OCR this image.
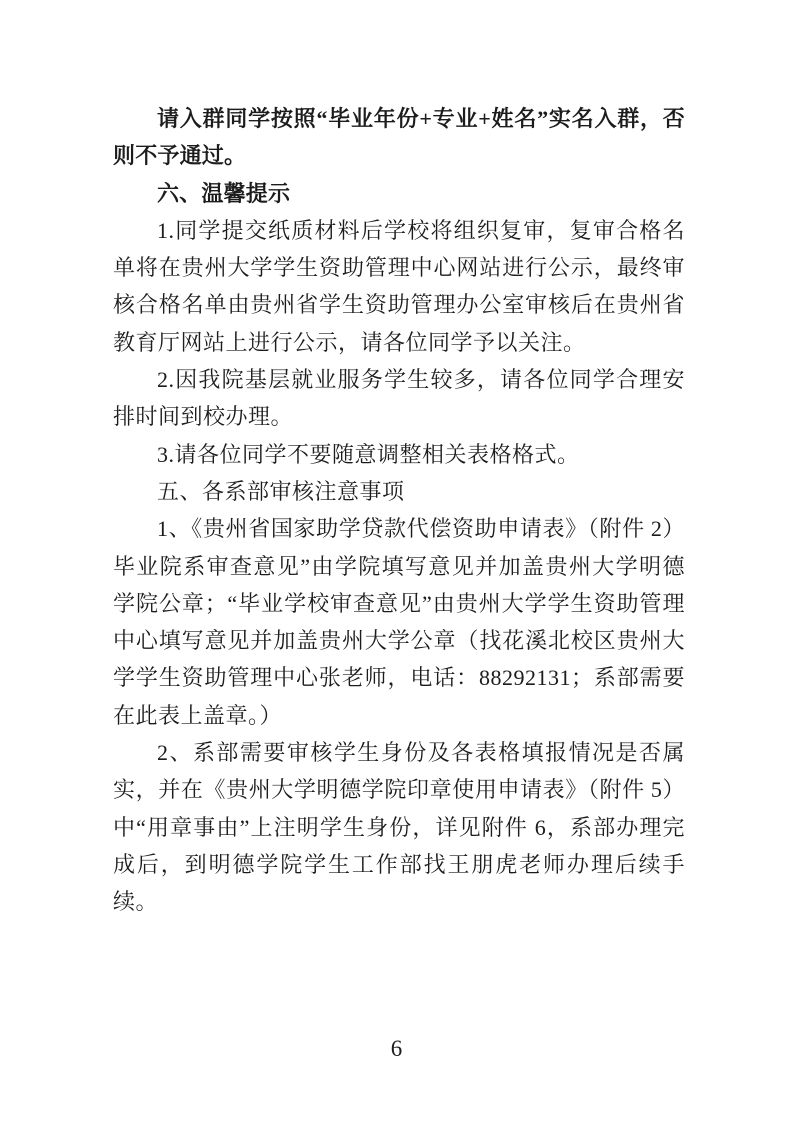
请入群同学按照“毕业年份+专业+姓名”实名入群，否则不予通过。

六、温馨提示

1.同学提交纸质材料后学校将组织复审，复审合格名单将在贵州大学学生资助管理中心网站进行公示，最终审核合格名单由贵州省学生资助管理办公室审核后在贵州省教育厅网站上进行公示，请各位同学予以关注。

2.因我院基层就业服务学生较多，请各位同学合理安排时间到校办理。

3.请各位同学不要随意调整相关表格格式。

五、各系部审核注意事项

1、《贵州省国家助学贷款代偿资助申请表》（附件 2）毕业院系审查意见”由学院填写意见并加盖贵州大学明德学院公章；“毕业学校审查意见”由贵州大学学生资助管理中心填写意见并加盖贵州大学公章（找花溪北校区贵州大学学生资助管理中心张老师，电话：88292131；系部需要在此表上盖章。）

2、系部需要审核学生身份及各表格填报情况是否属实，并在《贵州大学明德学院印章使用申请表》（附件 5）中“用章事由”上注明学生身份，详见附件 6，系部办理完成后，到明德学院学生工作部找王朋虎老师办理后续手续。

6
